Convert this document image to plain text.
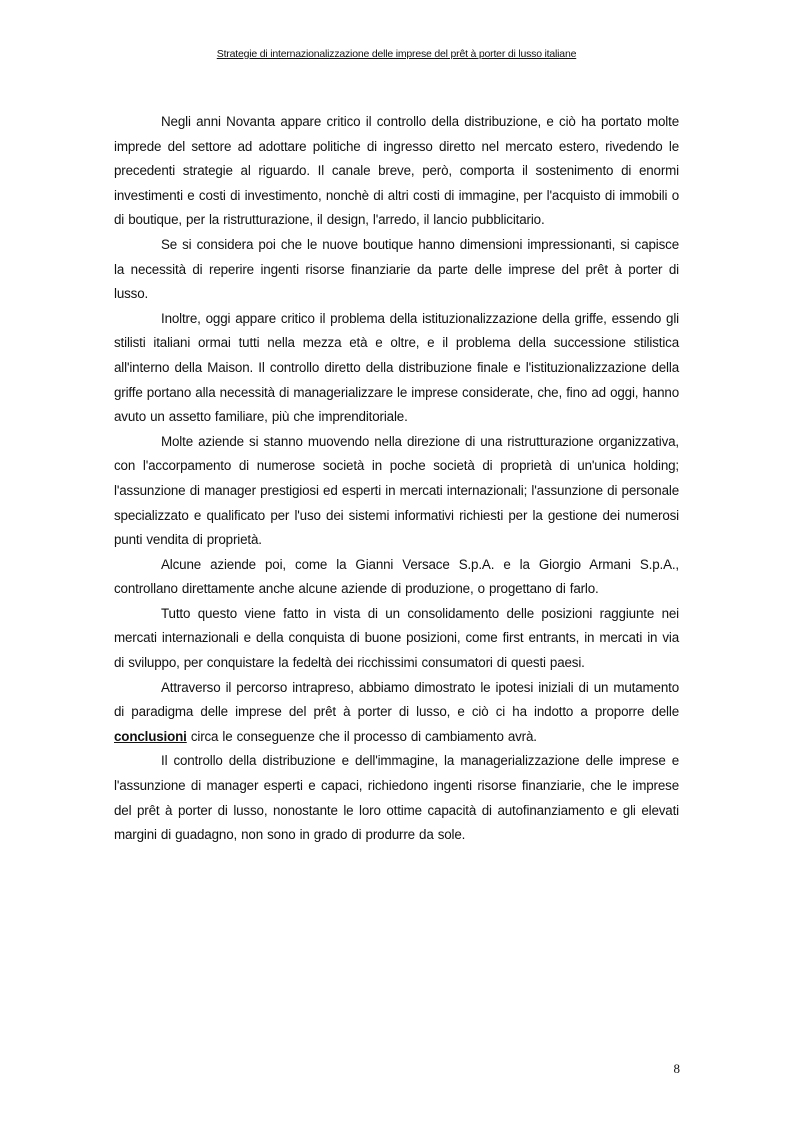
Strategie di internazionalizzazione delle imprese del prêt à porter di lusso italiane

Negli anni Novanta appare critico il controllo della distribuzione, e ciò ha portato molte imprede del settore ad adottare politiche di ingresso diretto nel mercato estero, rivedendo le precedenti strategie al riguardo. Il canale breve, però, comporta il sostenimento di enormi investimenti e costi di investimento, nonchè di altri costi di immagine, per l'acquisto di immobili o di boutique, per la ristrutturazione, il design, l'arredo, il lancio pubblicitario.

Se si considera poi che le nuove boutique hanno dimensioni impressionanti, si capisce la necessità di reperire ingenti risorse finanziarie da parte delle imprese del prêt à porter di lusso.

Inoltre, oggi appare critico il problema della istituzionalizzazione della griffe, essendo gli stilisti italiani ormai tutti nella mezza età e oltre, e il problema della successione stilistica all'interno della Maison. Il controllo diretto della distribuzione finale e l'istituzionalizzazione della griffe portano alla necessità di managerializzare le imprese considerate, che, fino ad oggi, hanno avuto un assetto familiare, più che imprenditoriale.

Molte aziende si stanno muovendo nella direzione di una ristrutturazione organizzativa, con l'accorpamento di numerose società in poche società di proprietà di un'unica holding; l'assunzione di manager prestigiosi ed esperti in mercati internazionali; l'assunzione di personale specializzato e qualificato per l'uso dei sistemi informativi richiesti per la gestione dei numerosi punti vendita di proprietà.

Alcune aziende poi, come la Gianni Versace S.p.A. e la Giorgio Armani S.p.A., controllano direttamente anche alcune aziende di produzione, o progettano di farlo.

Tutto questo viene fatto in vista di un consolidamento delle posizioni raggiunte nei mercati internazionali e della conquista di buone posizioni, come first entrants, in mercati in via di sviluppo, per conquistare la fedeltà dei ricchissimi consumatori di questi paesi.

Attraverso il percorso intrapreso, abbiamo dimostrato le ipotesi iniziali di un mutamento di paradigma delle imprese del prêt à porter di lusso, e ciò ci ha indotto a proporre delle conclusioni circa le conseguenze che il processo di cambiamento avrà.

Il controllo della distribuzione e dell'immagine, la managerializzazione delle imprese e l'assunzione di manager esperti e capaci, richiedono ingenti risorse finanziarie, che le imprese del prêt à porter di lusso, nonostante le loro ottime capacità di autofinanziamento e gli elevati margini di guadagno, non sono in grado di produrre da sole.

8
